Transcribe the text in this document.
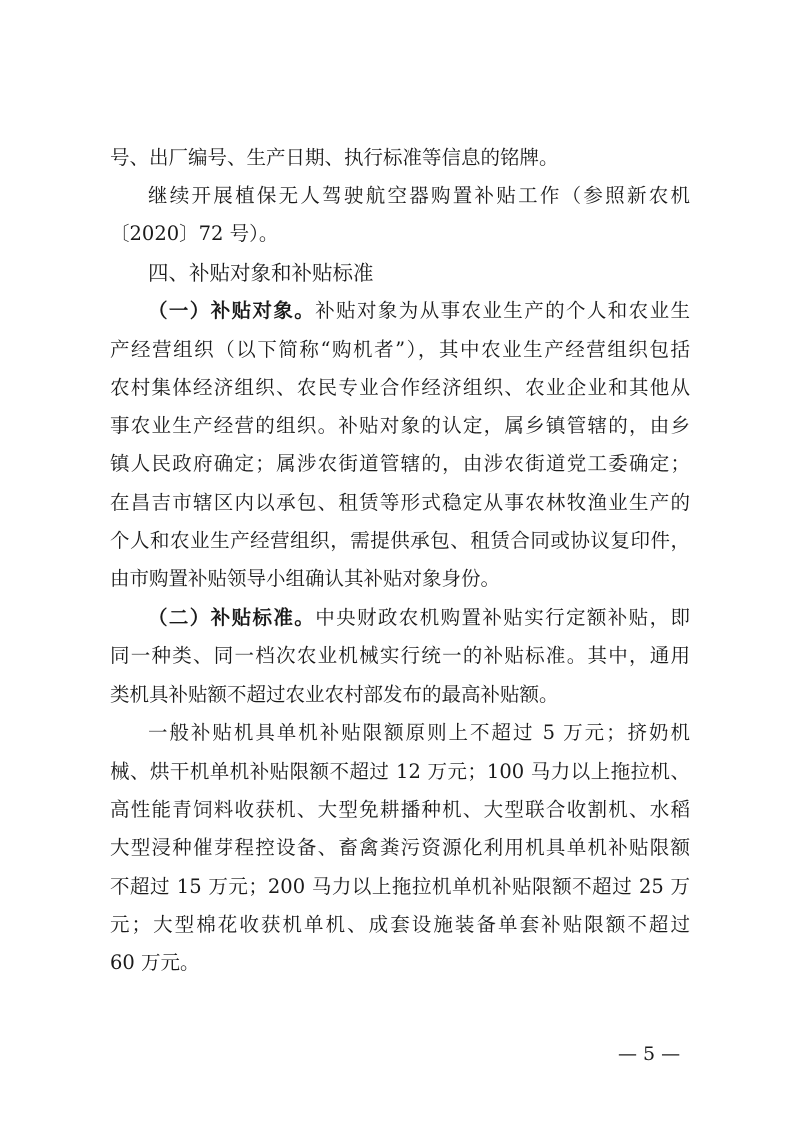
号、出厂编号、生产日期、执行标准等信息的铭牌。
继续开展植保无人驾驶航空器购置补贴工作（参照新农机
〔2020〕72 号）。
四、补贴对象和补贴标准
（一）补贴对象。补贴对象为从事农业生产的个人和农业生
产经营组织（以下简称“购机者”），其中农业生产经营组织包括
农村集体经济组织、农民专业合作经济组织、农业企业和其他从
事农业生产经营的组织。补贴对象的认定，属乡镇管辖的，由乡
镇人民政府确定；属涉农街道管辖的，由涉农街道党工委确定；
在昌吉市辖区内以承包、租赁等形式稳定从事农林牧渔业生产的
个人和农业生产经营组织，需提供承包、租赁合同或协议复印件，
由市购置补贴领导小组确认其补贴对象身份。
（二）补贴标准。中央财政农机购置补贴实行定额补贴，即
同一种类、同一档次农业机械实行统一的补贴标准。其中，通用
类机具补贴额不超过农业农村部发布的最高补贴额。
一般补贴机具单机补贴限额原则上不超过 5 万元；挤奶机
械、烘干机单机补贴限额不超过 12 万元；100 马力以上拖拉机、
高性能青饲料收获机、大型免耕播种机、大型联合收割机、水稻
大型浸种催芽程控设备、畜禽粪污资源化利用机具单机补贴限额
不超过 15 万元；200 马力以上拖拉机单机补贴限额不超过 25 万
元；大型棉花收获机单机、成套设施装备单套补贴限额不超过
60 万元。
— 5 —
